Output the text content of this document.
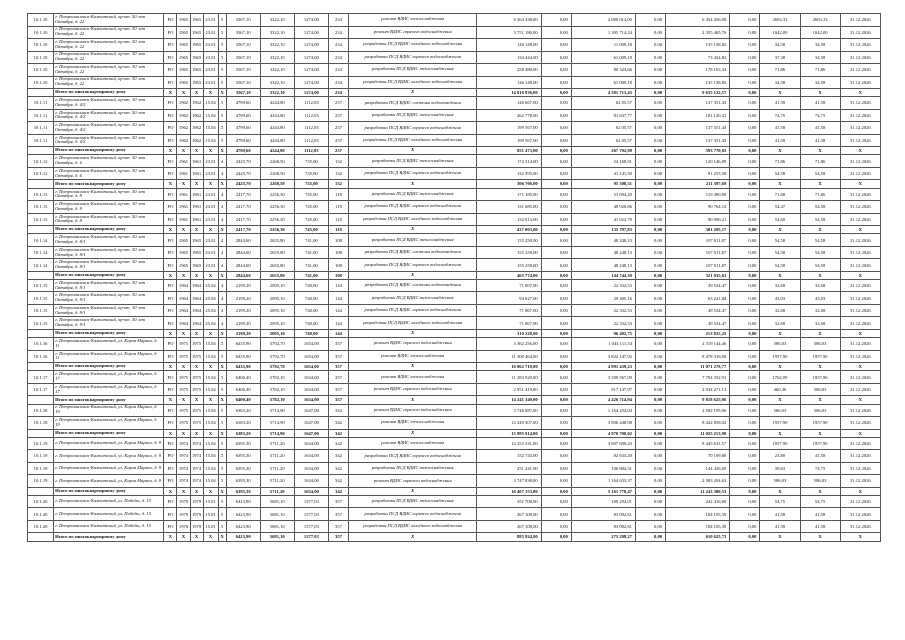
10.1.10	г. Петропавловск-Камчатский, пр-кт. 50 лет Октября, д. 22	РО	1965	1965	23.01	5	3567,10	3322,10	1274,00	234	ремонт ВДИС теплоснабжения	8 364 438,00	0,00	2 000 014,00	0,00	6 454 456,00	0,00	2603,33	2603,33	31.12.2026
10.1.10	г. Петропавловск-Камчатский, пр-кт. 50 лет Октября, д. 22	РО	1965	1965	23.01	5	3567,10	3322,10	1274,00	234	ремонт ВДИС горячего водоснабжения	3 751 180,00	0,00	1 395 714,24	0,00	2 355 465,76	0,00	1042,00	1042,00	31.12.2026
10.1.10	г. Петропавловск-Камчатский, пр-кт. 50 лет Октября, д. 22	РО	1965	1965	23.01	5	3567,10	3322,10	1274,00	234	разработка ПСД ВДИС холодного водоснабжения	146 148,00	0,00	11 009,18	0,00	135 138,82	0,00	34,58	34,58	31.12.2026
10.1.10	г. Петропавловск-Камчатский, пр-кт. 50 лет Октября, д. 22	РО	1965	1965	23.01	5	3567,10	3322,10	1274,00	234	разработка ПСД ВДИС горячего водоснабжения	134 444,00	0,00	61 009,18	0,00	73 434,82	0,00	37,38	34,58	31.12.2026
10.1.10	г. Петропавловск-Камчатский, пр-кт. 50 лет Октября, д. 22	РО	1965	1965	23.01	5	3567,10	3322,10	1274,00	234	разработка ПСД ВДИС теплоснабжения	258 488,00	0,00	80 324,66	0,00	178 163,34	0,00	71,86	71,86	31.12.2026
10.1.10	г. Петропавловск-Камчатский, пр-кт. 50 лет Октября, д. 22	РО	1965	1965	23.01	5	3567,10	3322,10	1274,00	234	разработка ПСД ВДИС холодного водоснабжения	146 148,00	0,00	61 009,18	0,00	135 138,82	0,00	34,58	34,58	31.12.2026
	Итого по многоквартирному дому	X	X	X	X	X	3567,10	3322,10	1274,00	234	X	14 016 836,00	0,00	4 381 713,43	0,00	9 635 122,57	0,00	X	X	X
10.1.11	г. Петропавловск-Камчатский, пр-кт. 50 лет Октября, д. 4/2	РО	1962	1962	15.04	5	4799,60	4244,80	1112,03	237	разработка ПСД ВДИС системы водоотведения	146 667,00	0,00	62 05,57	0,00	137 351,43	0,00	41,58	41,58	31.12.2026
10.1.11	г. Петропавловск-Камчатский, пр-кт. 50 лет Октября, д. 4/2	РО	1962	1962	15.04	5	4799,60	4244,80	1112,03	237	разработка ПСД ВДИС теплоснабжения	262 778,00	0,00	81 637,77	0,00	181 120,23	0,00	74,75	74,75	31.12.2026
10.1.11	г. Петропавловск-Камчатский, пр-кт. 50 лет Октября, д. 4/2	РО	1962	1962	15.04	5	4799,60	4244,80	1112,03	237	разработка ПСД ВДИС горячего водоснабжения	199 567,00	0,00	62 05,57	0,00	137 351,43	0,00	41,58	41,58	31.12.2026
10.1.11	г. Петропавловск-Камчатский, пр-кт. 50 лет Октября, д. 4/2	РО	1962	1962	15.04	5	4799,60	4244,80	1112,03	237	разработка ПСД ВДИС холодного водоснабжения	199 567,00	0,00	62 05,57	0,00	137 351,43	0,00	41,58	41,58	31.12.2026
	Итого по многоквартирному дому	X	X	X	X	X	4799,60	4244,80	1112,03	237	X	851 473,00	0,00	267 702,98	0,00	593 770,02	0,00	X	X	X
10.1.12	г. Петропавловск-Камчатский, пр-кт. 50 лет Октября, д. 6	РО	1961	1961	23.01	4	2425,70	2268,50	735,00	132	разработка ПСД ВДИС теплоснабжения	174 314,00	0,00	54 168,91	0,00	120 146,09	0,00	71,86	71,86	31.12.2026
10.1.12	г. Петропавловск-Камчатский, пр-кт. 50 лет Октября, д. 6	РО	1961	1961	23.01	4	2425,70	2268,50	735,00	132	разработка ПСД ВДИС горячего водоснабжения	132 395,00	0,00	41 141,50	0,00	91 253,50	0,00	54,58	54,58	31.12.2026
	Итого по многоквартирному дому	X	X	X	X	X	2425,70	2268,50	735,00	132	X	306 706,00	0,00	95 308,31	0,00	211 397,69	0,00	X	X	X
10.1.13	г. Петропавловск-Камчатский, пр-кт. 50 лет Октября, д. 8	РО	1961	1961	23.01	4	2417,70	2256,30	745,00	118	разработка ПСД ВДИС теплоснабжения	171 185,00	0,00	53 694,20	0,00	119 490,80	0,00	71,68	71,86	31.12.2026
10.1.13	г. Петропавловск-Камчатский, пр-кт. 50 лет Октября, д. 8	РО	1961	1961	23.01	4	2417,70	2256,30	745,00	118	разработка ПСД ВДИС горячего водоснабжения	131 685,00	0,00	40 920,86	0,00	90 764,14	0,00	54,47	54,58	31.12.2026
10.1.13	г. Петропавловск-Камчатский, пр-кт. 50 лет Октября, д. 8	РО	1961	1961	23.01	4	2417,70	2256,30	745,00	118	разработка ПСД ВДИС холодного водоснабжения	132 013,00	0,00	41 022,79	0,00	90 990,21	0,00	54,60	54,58	31.12.2026
	Итого по многоквартирному дому	X	X	X	X	X	2417,70	2256,30	745,00	118	X	437 003,00	0,00	135 797,83	0,00	301 205,17	0,00	X	X	X
10.1.14	г. Петропавловск-Камчатский, пр-кт. 50 лет Октября, д. 8/1	РО	1965	1965	23.01	4	2844,60	2655,80	741,00	108	разработка ПСД ВДИС теплоснабжения	155 258,00	0,00	48 248,13	0,00	107 011,87	0,00	54,58	54,58	31.12.2026
10.1.14	г. Петропавловск-Камчатский, пр-кт. 50 лет Октября, д. 8/1	РО	1965	1965	23.01	4	2844,60	2655,80	741,00	108	разработка ПСД ВДИС системы водоотведения	155 258,00	0,00	48 248,13	0,00	107 011,87	0,00	54,58	54,58	31.12.2026
10.1.14	г. Петропавловск-Камчатский, пр-кт. 50 лет Октября, д. 8/1	РО	1965	1965	23.01	4	2844,60	2655,80	741,00	108	разработка ПСД ВДИС горячего водоснабжения	155 258,00	0,00	48 248,13	0,00	107 011,87	0,00	54,58	54,58	31.12.2026
	Итого по многоквартирному дому	X	X	X	X	X	2844,60	2655,80	741,00	108	X	465 774,00	0,00	144 744,39	0,00	321 035,61	0,00	X	X	X
10.1.15	г. Петропавловск-Камчатский, пр-кт. 50 лет Октября, д. 9/1	РО	1964	1964	25.04	4	2199,20	2095,10	740,00	144	разработка ПСД ВДИС системы водоотведения	71 867,00	0,00	22 332,53	0,00	49 534,47	0,00	32,68	32,68	31.12.2026
10.1.15	г. Петропавловск-Камчатский, пр-кт. 50 лет Октября, д. 9/1	РО	1964	1964	25.04	4	2199,20	2095,10	740,00	144	разработка ПСД ВДИС теплоснабжения	94 627,00	0,00	29 405,16	0,00	65 221,84	0,00	43,03	43,03	31.12.2026
10.1.15	г. Петропавловск-Камчатский, пр-кт. 50 лет Октября, д. 9/1	РО	1964	1964	25.04	4	2199,20	2095,10	740,00	144	разработка ПСД ВДИС горячего водоснабжения	71 867,00	0,00	22 332,53	0,00	49 534,47	0,00	32,68	32,68	31.12.2026
10.1.15	г. Петропавловск-Камчатский, пр-кт. 50 лет Октября, д. 9/1	РО	1964	1964	25.04	4	2199,20	2095,10	740,00	144	разработка ПСД ВДИС холодного водоснабжения	71 867,00	0,00	22 332,53	0,00	49 534,47	0,00	32,68	32,68	31.12.2026
	Итого по многоквартирному дому	X	X	X	X	X	2199,20	2095,10	740,00	144	X	310 228,00	0,00	96 402,75	0,00	213 825,25	0,00	X	X	X
10.1.16	г. Петропавловск-Камчатский, ул. Карла Маркса, д. 11	РО	1975	1975	15.04	5	6435,90	5792,70	1654,00	357	ремонт ВДИС горячего водоснабжения	3 362 256,00	0,00	1 044 111,54	0,00	2 319 144,46	0,00	586,03	586,03	31.12.2026
10.1.16	г. Петропавловск-Камчатский, ул. Карла Маркса, д. 11	РО	1975	1975	15.04	5	6435,90	5792,70	1654,00	357	ремонт ВДИС теплоснабжения	11 300 464,00	0,00	3 822 147,92	0,00	8 478 316,08	0,00	1957,90	1957,90	31.12.2026
	Итого по многоквартирному дому	X	X	X	X	X	6435,90	5792,70	1654,00	357	X	16 062 718,00	0,00	4 991 439,23	0,00	11 071 278,77	0,00	X	X	X
10.1.17	г. Петропавловск-Камчатский, ул. Карла Маркса, д. 17	РО	1975	1975	15.04	5	6400,40	5782,10	1634,00	357	ремонт ВДИС теплоснабжения	11 283 920,00	0,00	3 509 567,09	0,00	7 794 352,91	0,00	1762,09	1957,90	31.12.2026
10.1.17	г. Петропавловск-Камчатский, ул. Карла Маркса, д. 17	РО	1975	1975	15.04	5	6400,40	5782,10	1634,00	357	ремонт ВДИС горячего водоснабжения	2 951 419,00	0,00	917 147,97	0,00	2 034 271,13	0,00	460,46	586,03	31.12.2026
	Итого по многоквартирному дому	X	X	X	X	X	6400,40	5782,10	1634,00	357	X	14 241 340,00	0,00	4 426 714,94	0,00	9 818 625,06	0,00	X	X	X
10.1.18	г. Петропавловск-Камчатский, ул. Карла Маркса, д. 19	РО	1975	1975	15.04	5	6383,20	5714,90	1647,00	342	ремонт ВДИС горячего водоснабжения	3 746 087,00	0,00	1 164 254,04	0,00	2 582 195,96	0,00	586,03	586,03	31.12.2026
10.1.18	г. Петропавловск-Камчатский, ул. Карла Маркса, д. 19	РО	1975	1975	15.04	5	6383,20	5714,90	1647,00	342	ремонт ВДИС теплоснабжения	12 249 307,00	0,00	3 806 448,98	0,00	8 442 858,02	0,00	1957,90	1957,90	31.12.2026
	Итого по многоквартирному дому	X	X	X	X	X	6383,20	5714,90	1647,00	342	X	15 995 914,00	0,00	4 970 700,02	0,00	11 025 213,98	0,00	X	X	X
10.1.19	г. Петропавловск-Камчатский, ул. Карла Маркса, д. 9	РО	1974	1974	15.04	5	6395,30	5711,20	1634,00	342	ремонт ВДИС теплоснабжения	12 253 331,00	0,00	3 807 699,43	0,00	8 445 631,57	0,00	1957,90	1957,90	31.12.2026
10.1.19	г. Петропавловск-Камчатский, ул. Карла Маркса, д. 9	РО	1974	1974	15.04	5	6395,30	5711,20	1634,00	342	разработка ПСД ВДИС горячего водоснабжения	152 743,00	0,00	82 633,20	0,00	70 109,80	0,00	23,80	41,58	31.12.2026
10.1.19	г. Петропавловск-Камчатский, ул. Карла Маркса, д. 9	РО	1974	1974	15.04	5	6395,30	5711,20	1634,00	342	разработка ПСД ВДИС теплоснабжения	251 241,00	0,00	106 804,31	0,00	144 436,69	0,00	39,63	74,75	31.12.2026
10.1.19	г. Петропавловск-Камчатский, ул. Карла Маркса, д. 9	РО	1974	1974	15.04	5	6395,30	5711,20	1634,00	342	ремонт ВДИС горячего водоснабжения	3 747 838,00	0,00	1 164 633,37	0,00	2 583 204,63	0,00	586,03	586,03	31.12.2026
	Итого по многоквартирному дому	X	X	X	X	X	6395,30	5711,20	1634,00	342	X	16 407 153,00	0,00	5 161 770,47	0,00	11 243 380,53	0,00	X	X	X
10.1.20	г. Петропавловск-Камчатский, ул. Победы, д. 15	РО	1979	1979	15.01	5	6423,90	5681,10	1577,03	357	разработка ПСД ВДИС теплоснабжения	351 708,00	0,00	109 292,01	0,00	242 416,00	0,00	54,75	54,75	31.12.2026
10.1.20	г. Петропавловск-Камчатский, ул. Победы, д. 15	РО	1979	1979	15.01	5	6423,90	5681,10	1577,03	357	разработка ПСД ВДИС горячего водоснабжения	267 108,00	0,00	83 002,61	0,00	184 105,39	0,00	41,58	41,58	31.12.2026
10.1.20	г. Петропавловск-Камчатский, ул. Победы, д. 15	РО	1979	1979	15.01	5	6423,90	5681,10	1577,03	357	разработка ПСД ВДИС холодного водоснабжения	267 108,00	0,00	83 002,61	0,00	184 105,39	0,00	41,58	41,58	31.12.2026
	Итого по многоквартирному дому	X	X	X	X	X	6423,90	5681,10	1577,03	357	X	885 924,00	0,00	275 298,27	0,00	610 625,73	0,00	X	X	X
